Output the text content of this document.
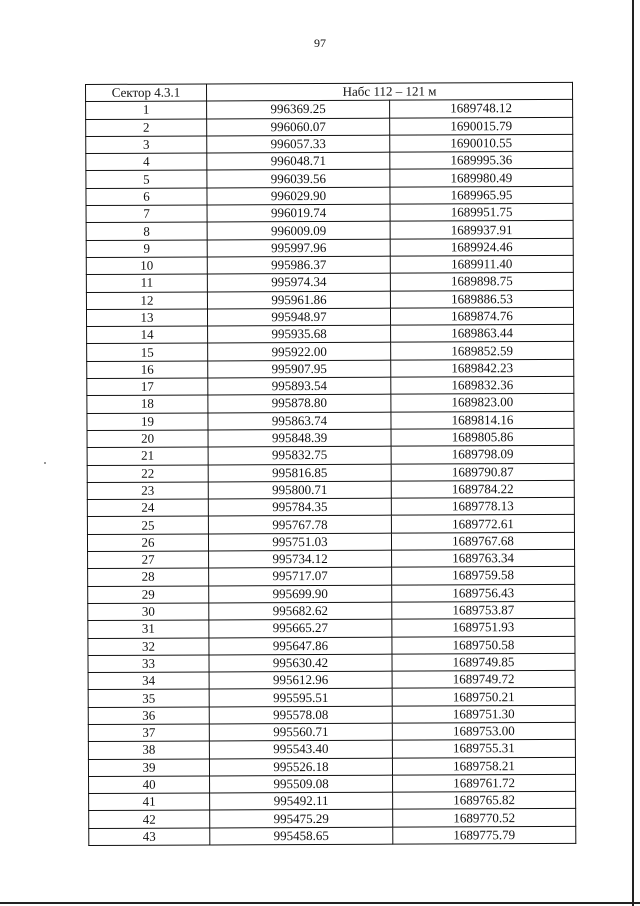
97
Сектор 4.3.1	Набс 112 – 121 м	
1	996369.25	1689748.12
2	996060.07	1690015.79
3	996057.33	1690010.55
4	996048.71	1689995.36
5	996039.56	1689980.49
6	996029.90	1689965.95
7	996019.74	1689951.75
8	996009.09	1689937.91
9	995997.96	1689924.46
10	995986.37	1689911.40
11	995974.34	1689898.75
12	995961.86	1689886.53
13	995948.97	1689874.76
14	995935.68	1689863.44
15	995922.00	1689852.59
16	995907.95	1689842.23
17	995893.54	1689832.36
18	995878.80	1689823.00
19	995863.74	1689814.16
20	995848.39	1689805.86
21	995832.75	1689798.09
22	995816.85	1689790.87
23	995800.71	1689784.22
24	995784.35	1689778.13
25	995767.78	1689772.61
26	995751.03	1689767.68
27	995734.12	1689763.34
28	995717.07	1689759.58
29	995699.90	1689756.43
30	995682.62	1689753.87
31	995665.27	1689751.93
32	995647.86	1689750.58
33	995630.42	1689749.85
34	995612.96	1689749.72
35	995595.51	1689750.21
36	995578.08	1689751.30
37	995560.71	1689753.00
38	995543.40	1689755.31
39	995526.18	1689758.21
40	995509.08	1689761.72
41	995492.11	1689765.82
42	995475.29	1689770.52
43	995458.65	1689775.79
